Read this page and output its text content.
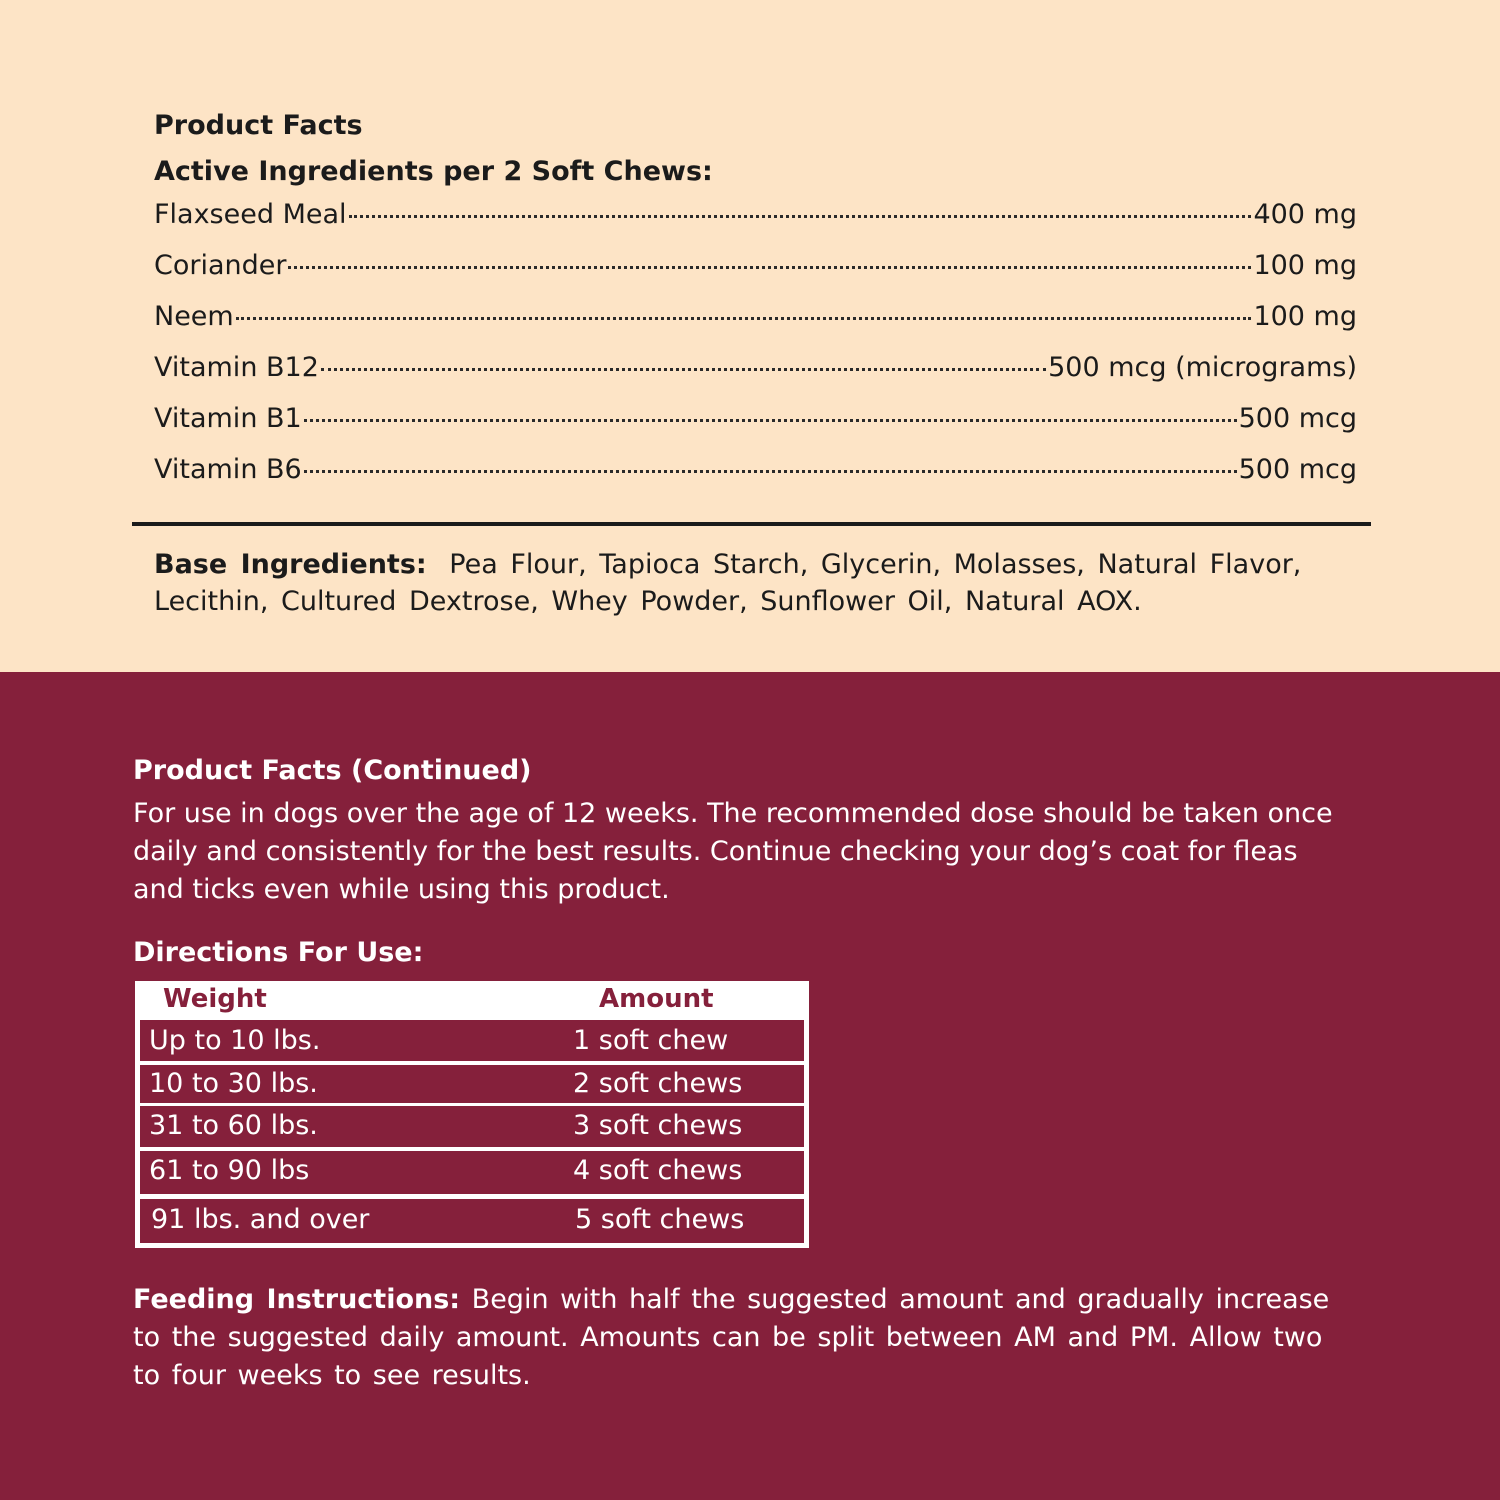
Product Facts
Active Ingredients per 2 Soft Chews:
Flaxseed Meal	400 mg
Coriander	100 mg
Neem	100 mg
Vitamin B12	500 mcg (micrograms)
Vitamin B1	500 mcg
Vitamin B6	500 mcg

Base Ingredients: Pea Flour, Tapioca Starch, Glycerin, Molasses, Natural Flavor, Lecithin, Cultured Dextrose, Whey Powder, Sunflower Oil, Natural AOX.

Product Facts (Continued)

For use in dogs over the age of 12 weeks. The recommended dose should be taken once daily and consistently for the best results. Continue checking your dog’s coat for fleas and ticks even while using this product.

Directions For Use:
Weight	Amount
Up to 10 lbs.	1 soft chew
10 to 30 lbs.	2 soft chews
31 to 60 lbs.	3 soft chews
61 to 90 lbs	4 soft chews
91 lbs. and over	5 soft chews

Feeding Instructions: Begin with half the suggested amount and gradually increase to the suggested daily amount. Amounts can be split between AM and PM. Allow two to four weeks to see results.
